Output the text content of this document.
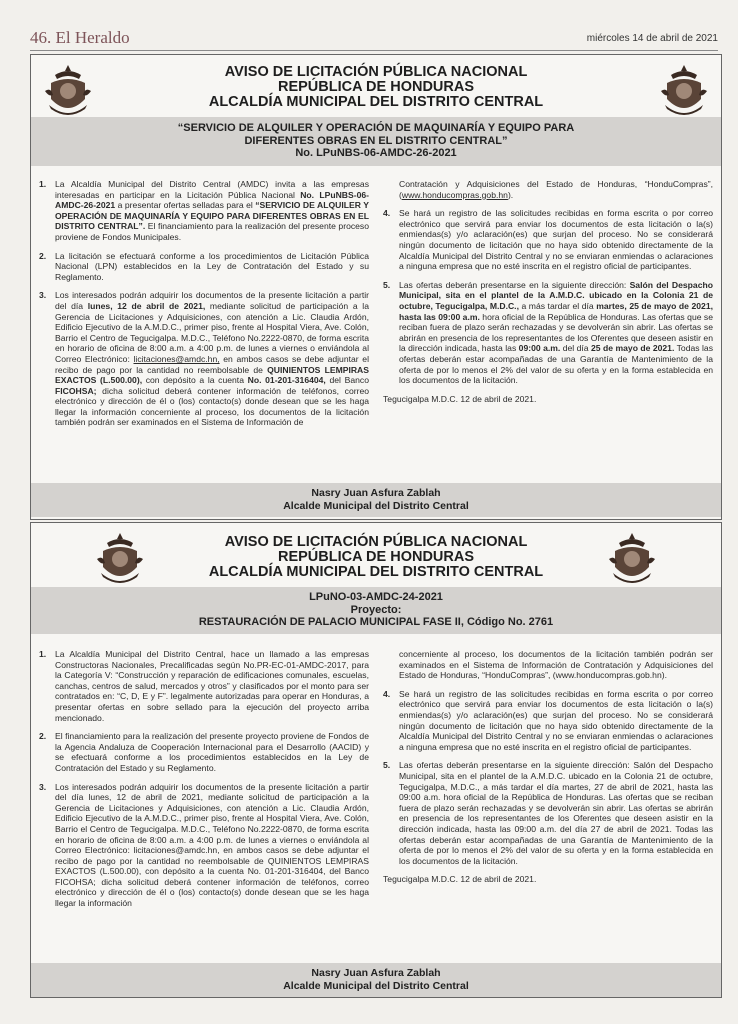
46. El Heraldo	miércoles 14 de abril de 2021
AVISO DE LICITACIÓN PÚBLICA NACIONAL
REPÚBLICA DE HONDURAS
ALCALDÍA MUNICIPAL DEL DISTRITO CENTRAL
“SERVICIO DE ALQUILER Y OPERACIÓN DE MAQUINARÍA Y EQUIPO PARA
DIFERENTES OBRAS EN EL DISTRITO CENTRAL”
No. LPuNBS-06-AMDC-26-2021

1. La Alcaldía Municipal del Distrito Central (AMDC) invita a las empresas interesadas en participar en la Licitación Pública Nacional No. LPuNBS-06-AMDC-26-2021 a presentar ofertas selladas para el “SERVICIO DE ALQUILER Y OPERACIÓN DE MAQUINARÍA Y EQUIPO PARA DIFERENTES OBRAS EN EL DISTRITO CENTRAL”. El financiamiento para la realización del presente proceso proviene de Fondos Municipales.

2. La licitación se efectuará conforme a los procedimientos de Licitación Pública Nacional (LPN) establecidos en la Ley de Contratación del Estado y su Reglamento.

3. Los interesados podrán adquirir los documentos de la presente licitación a partir del día lunes, 12 de abril de 2021, mediante solicitud de participación a la Gerencia de Licitaciones y Adquisiciones, con atención a Lic. Claudia Ardón, Edificio Ejecutivo de la A.M.D.C., primer piso, frente al Hospital Viera, Ave. Colón, Barrio el Centro de Tegucigalpa. M.D.C., Teléfono No.2222-0870, de forma escrita en horario de oficina de 8:00 a.m. a 4:00 p.m. de lunes a viernes o enviándola al Correo Electrónico: licitaciones@amdc.hn, en ambos casos se debe adjuntar el recibo de pago por la cantidad no reembolsable de QUINIENTOS LEMPIRAS EXACTOS (L.500.00), con depósito a la cuenta No. 01-201-316404, del Banco FICOHSA; dicha solicitud deberá contener información de teléfonos, correo electrónico y dirección de él o (los) contacto(s) donde desean que se les haga llegar la información concerniente al proceso, los documentos de la licitación también podrán ser examinados en el Sistema de Información de

Contratación y Adquisiciones del Estado de Honduras, “HonduCompras”, (www.honducompras.gob.hn).

4. Se hará un registro de las solicitudes recibidas en forma escrita o por correo electrónico que servirá para enviar los documentos de esta licitación o la(s) enmiendas(s) y/o aclaración(es) que surjan del proceso. No se considerará ningún documento de licitación que no haya sido obtenido directamente de la Alcaldía Municipal del Distrito Central y no se enviaran enmiendas o aclaraciones a ninguna empresa que no esté inscrita en el registro oficial de participantes.

5. Las ofertas deberán presentarse en la siguiente dirección: Salón del Despacho Municipal, sita en el plantel de la A.M.D.C. ubicado en la Colonia 21 de octubre, Tegucigalpa, M.D.C., a más tardar el día martes, 25 de mayo de 2021, hasta las 09:00 a.m. hora oficial de la República de Honduras. Las ofertas que se reciban fuera de plazo serán rechazadas y se devolverán sin abrir. Las ofertas se abrirán en presencia de los representantes de los Oferentes que deseen asistir en la dirección indicada, hasta las 09:00 a.m. del día 25 de mayo de 2021. Todas las ofertas deberán estar acompañadas de una Garantía de Mantenimiento de la oferta de por lo menos el 2% del valor de su oferta y en la forma establecida en los documentos de la licitación.

Tegucigalpa M.D.C. 12 de abril de 2021.
Nasry Juan Asfura Zablah
Alcalde Municipal del Distrito Central
AVISO DE LICITACIÓN PÚBLICA NACIONAL
REPÚBLICA DE HONDURAS
ALCALDÍA MUNICIPAL DEL DISTRITO CENTRAL
LPuNO-03-AMDC-24-2021
Proyecto:
RESTAURACIÓN DE PALACIO MUNICIPAL FASE II, Código No. 2761

1. La Alcaldía Municipal del Distrito Central, hace un llamado a las empresas Constructoras Nacionales, Precalificadas según No.PR-EC-01-AMDC-2017, para la Categoría V: “Construcción y reparación de edificaciones comunales, escuelas, canchas, centros de salud, mercados y otros” y clasificados por el monto para ser contratados en: “C, D, E y F”. legalmente autorizadas para operar en Honduras, a presentar ofertas en sobre sellado para la ejecución del proyecto arriba mencionado.

2. El financiamiento para la realización del presente proyecto proviene de Fondos de la Agencia Andaluza de Cooperación Internacional para el Desarrollo (AACID) y se efectuará conforme a los procedimientos establecidos en la Ley de Contratación del Estado y su Reglamento.

3. Los interesados podrán adquirir los documentos de la presente licitación a partir del día lunes, 12 de abril de 2021, mediante solicitud de participación a la Gerencia de Licitaciones y Adquisiciones, con atención a Lic. Claudia Ardón, Edificio Ejecutivo de la A.M.D.C., primer piso, frente al Hospital Viera, Ave. Colón, Barrio el Centro de Tegucigalpa. M.D.C., Teléfono No.2222-0870, de forma escrita en horario de oficina de 8:00 a.m. a 4:00 p.m. de lunes a viernes o enviándola al Correo Electrónico: licitaciones@amdc.hn, en ambos casos se debe adjuntar el recibo de pago por la cantidad no reembolsable de QUINIENTOS LEMPIRAS EXACTOS (L.500.00), con depósito a la cuenta No. 01-201-316404, del Banco FICOHSA; dicha solicitud deberá contener información de teléfonos, correo electrónico y dirección de él o (los) contacto(s) donde desean que se les haga llegar la información

concerniente al proceso, los documentos de la licitación también podrán ser examinados en el Sistema de Información de Contratación y Adquisiciones del Estado de Honduras, “HonduCompras”, (www.honducompras.gob.hn).

4. Se hará un registro de las solicitudes recibidas en forma escrita o por correo electrónico que servirá para enviar los documentos de esta licitación o la(s) enmiendas(s) y/o aclaración(es) que surjan del proceso. No se considerará ningún documento de licitación que no haya sido obtenido directamente de la Alcaldía Municipal del Distrito Central y no se enviaran enmiendas o aclaraciones a ninguna empresa que no esté inscrita en el registro oficial de participantes.

5. Las ofertas deberán presentarse en la siguiente dirección: Salón del Despacho Municipal, sita en el plantel de la A.M.D.C. ubicado en la Colonia 21 de octubre, Tegucigalpa, M.D.C., a más tardar el día martes, 27 de abril de 2021, hasta las 09:00 a.m. hora oficial de la República de Honduras. Las ofertas que se reciban fuera de plazo serán rechazadas y se devolverán sin abrir. Las ofertas se abrirán en presencia de los representantes de los Oferentes que deseen asistir en la dirección indicada, hasta las 09:00 a.m. del día 27 de abril de 2021. Todas las ofertas deberán estar acompañadas de una Garantía de Mantenimiento de la oferta de por lo menos el 2% del valor de su oferta y en la forma establecida en los documentos de la licitación.

Tegucigalpa M.D.C. 12 de abril de 2021.
Nasry Juan Asfura Zablah
Alcalde Municipal del Distrito Central
